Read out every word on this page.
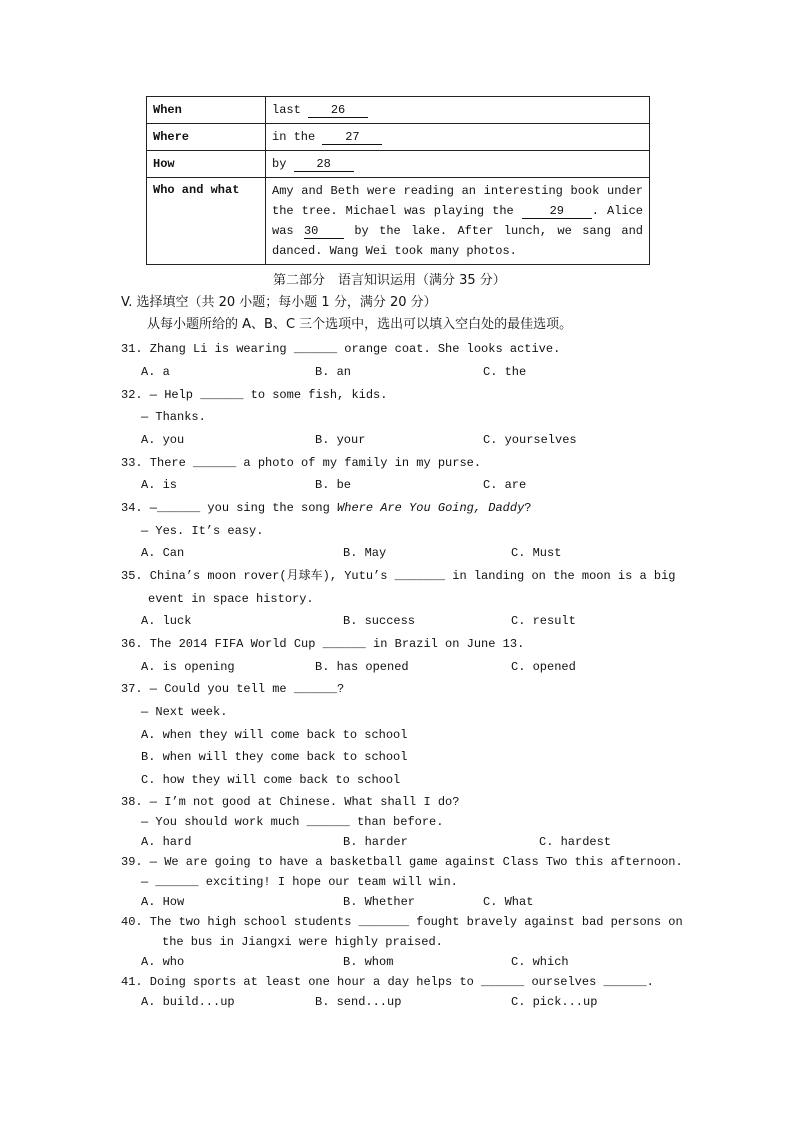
When	last 26
Where	in the 27
How	by 28
Who and what	Amy and Beth were reading an interesting book under the tree. Michael was playing the 29 . Alice was 30 by the lake. After lunch, we sang and danced. Wang Wei took many photos.
第二部分　语言知识运用（满分 35 分）
V. 选择填空（共 20 小题；每小题 1 分，满分 20 分）
从每小题所给的 A、B、C 三个选项中，选出可以填入空白处的最佳选项。
31. Zhang Li is wearing ______ orange coat. She looks active.
A. a	B. an	C. the
32. — Help ______ to some fish, kids.
— Thanks.
A. you	B. your	C. yourselves
33. There ______ a photo of my family in my purse.
A. is	B. be	C. are
34. —______ you sing the song Where Are You Going, Daddy?
— Yes. It’s easy.
A. Can	B. May	C. Must
35. China’s moon rover(月球车), Yutu’s _______ in landing on the moon is a big
event in space history.
A. luck	B. success	C. result
36. The 2014 FIFA World Cup ______ in Brazil on June 13.
A. is opening	B. has opened	C. opened
37. — Could you tell me ______?
— Next week.
A. when they will come back to school
B. when will they come back to school
C. how they will come back to school
38. — I’m not good at Chinese. What shall I do?
— You should work much ______ than before.
A. hard	B. harder	C. hardest
39. — We are going to have a basketball game against Class Two this afternoon.
— ______ exciting! I hope our team will win.
A. How	B. Whether	C. What
40. The two high school students _______ fought bravely against bad persons on
the bus in Jiangxi were highly praised.
A. who	B. whom	C. which
41. Doing sports at least one hour a day helps to ______ ourselves ______.
A. build...up	B. send...up	C. pick...up
